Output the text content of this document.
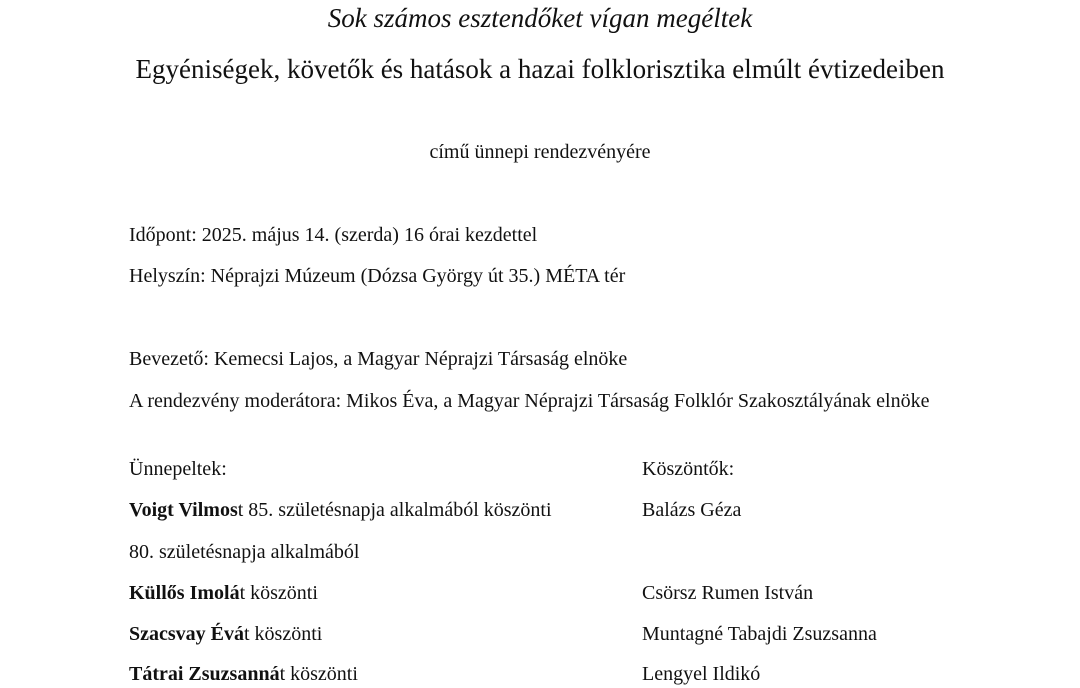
Sok számos esztendőket vígan megéltek
Egyéniségek, követők és hatások a hazai folklorisztika elmúlt évtizedeiben
című ünnepi rendezvényére
Időpont: 2025. május 14. (szerda) 16 órai kezdettel
Helyszín: Néprajzi Múzeum (Dózsa György út 35.) MÉTA tér
Bevezető: Kemecsi Lajos, a Magyar Néprajzi Társaság elnöke
A rendezvény moderátora: Mikos Éva, a Magyar Néprajzi Társaság Folklór Szakosztályának elnöke
Ünnepeltek:	Köszöntők:
Voigt Vilmost 85. születésnapja alkalmából köszönti	Balázs Géza
80. születésnapja alkalmából
Küllős Imolát köszönti	Csörsz Rumen István
Szacsvay Évát köszönti	Muntagné Tabajdi Zsuzsanna
Tátrai Zsuzsannát köszönti	Lengyel Ildikó
